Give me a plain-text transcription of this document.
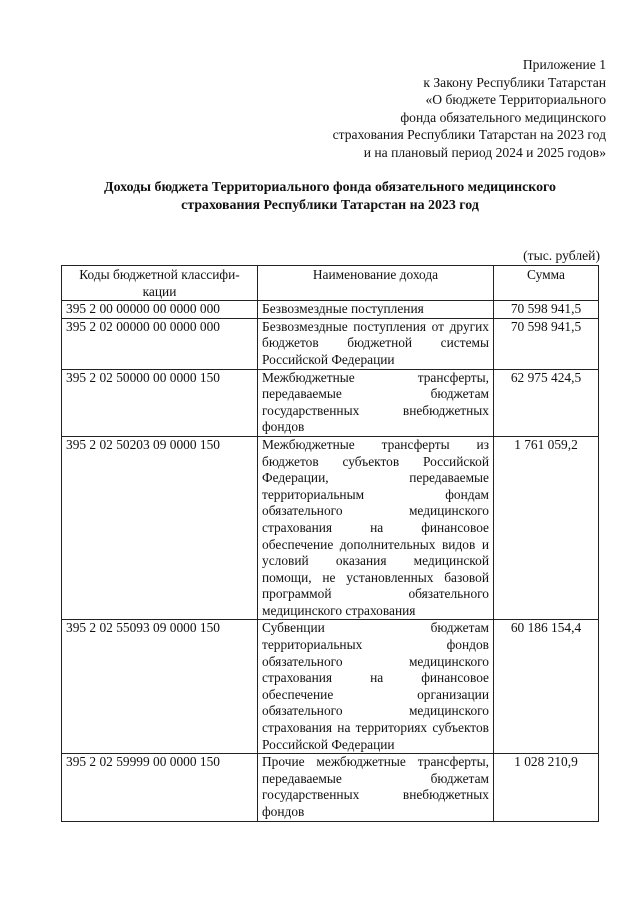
Приложение 1
к Закону Республики Татарстан
«О бюджете Территориального
фонда обязательного медицинского
страхования Республики Татарстан на 2023 год
и на плановый период 2024 и 2025 годов»
Доходы бюджета Территориального фонда обязательного медицинского
страхования Республики Татарстан на 2023 год
(тыс. рублей)
Коды бюджетной классифи-кации	Наименование дохода	Сумма
395 2 00 00000 00 0000 000	Безвозмездные поступления	70 598 941,5
395 2 02 00000 00 0000 000	Безвозмездные поступления от других бюджетов бюджетной системы Российской Федерации	70 598 941,5
395 2 02 50000 00 0000 150	Межбюджетные трансферты, передаваемые бюджетам государственных внебюджетных фондов	62 975 424,5
395 2 02 50203 09 0000 150	Межбюджетные трансферты из бюджетов субъектов Российской Федерации, передаваемые территориальным фондам обязательного медицинского страхования на финансовое обеспечение дополнительных видов и условий оказания медицинской помощи, не установленных базовой программой обязательного медицинского страхования	1 761 059,2
395 2 02 55093 09 0000 150	Субвенции бюджетам территориальных фондов обязательного медицинского страхования на финансовое обеспечение организации обязательного медицинского страхования на территориях субъектов Российской Федерации	60 186 154,4
395 2 02 59999 00 0000 150	Прочие межбюджетные трансферты, передаваемые бюджетам государственных внебюджетных фондов	1 028 210,9
